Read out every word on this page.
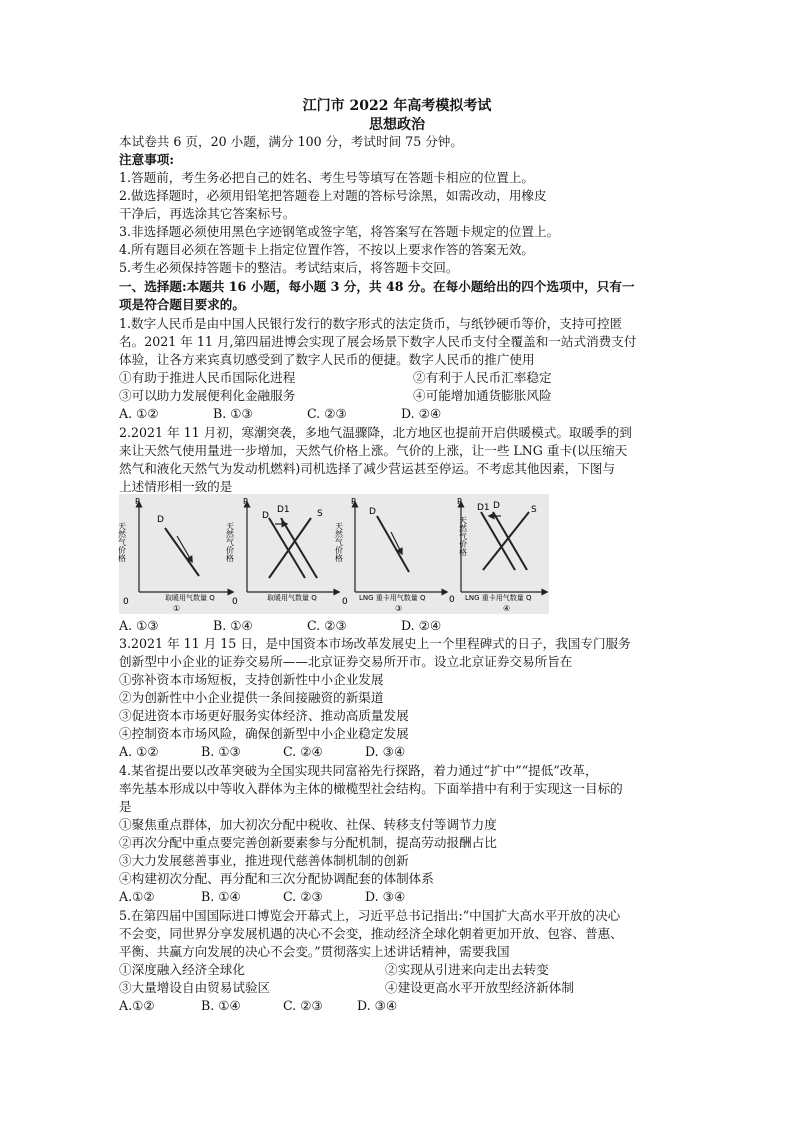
江门市 2022 年高考模拟考试
思想政治
本试卷共 6 页，20 小题，满分 100 分，考试时间 75 分钟。
注意事项:
1.答题前，考生务必把自己的姓名、考生号等填写在答题卡相应的位置上。
2.做选择题时，必须用铅笔把答题卷上对题的答标号涂黑，如需改动，用橡皮
干净后，再选涂其它答案标号。
3.非选择题必须使用黑色字迹钢笔或签字笔，将答案写在答题卡规定的位置上。
4.所有题目必须在答题卡上指定位置作答，不按以上要求作答的答案无效。
5.考生必须保持答题卡的整洁。考试结束后，将答题卡交回。
一、选择题:本题共 16 小题，每小题 3 分，共 48 分。在每小题给出的四个选项中，只有一
项是符合题目要求的。
1.数字人民币是由中国人民银行发行的数字形式的法定货币，与纸钞硬币等价，支持可控匿
名。2021 年 11 月,第四届进博会实现了展会场景下数字人民币支付全覆盖和一站式消费支付
体验，让各方来宾真切感受到了数字人民币的便捷。数字人民币的推广使用
①有助于推进人民币国际化进程	②有利于人民币汇率稳定
③可以助力发展便利化金融服务	④可能增加通货膨胀风险
A. ①②	B. ①③	C. ②③	D. ②④
2.2021 年 11 月初，寒潮突袭，多地气温骤降，北方地区也提前开启供暖模式。取暖季的到
来让天然气使用量进一步增加，天然气价格上涨。气价的上涨，让一些 LNG 重卡(以压缩天
然气和液化天然气为发动机燃料)司机选择了减少营运甚至停运。不考虑其他因素，下图与
上述情形相一致的是
0
P
天然气价格
D
取暖用气数量 Q
①
0
P
天然气价格
D
D1	S
取暖用气数量 Q	0
P
天然气价格
D
LNG 重卡用气数量 Q
③
0
P
天然气价格
D1 D	S
LNG 重卡用气数量 Q
④
A. ①③	B. ①④	C. ②③	D. ②④
3.2021 年 11 月 15 日，是中国资本市场改革发展史上一个里程碑式的日子，我国专门服务
创新型中小企业的证券交易所——北京证券交易所开市。设立北京证券交易所旨在
①弥补资本市场短板，支持创新性中小企业发展
②为创新性中小企业提供一条间接融资的新渠道
③促进资本市场更好服务实体经济、推动高质量发展
④控制资本市场风险，确保创新型中小企业稳定发展
A. ①②	B. ①③	C. ②④	D. ③④
4.某省提出要以改革突破为全国实现共同富裕先行探路，着力通过“扩中”“提低”改革，
率先基本形成以中等收入群体为主体的橄榄型社会结构。下面举措中有利于实现这一目标的
是
①聚焦重点群体，加大初次分配中税收、社保、转移支付等调节力度
②再次分配中重点要完善创新要素参与分配机制，提高劳动报酬占比
③大力发展慈善事业，推进现代慈善体制机制的创新
④构建初次分配、再分配和三次分配协调配套的体制体系
A.①②	B. ①④	C. ②③	D. ③④
5.在第四届中国国际进口博览会开幕式上，习近平总书记指出:“中国扩大高水平开放的决心
不会变，同世界分享发展机遇的决心不会变，推动经济全球化朝着更加开放、包容、普惠、
平衡、共赢方向发展的决心不会变。”贯彻落实上述讲话精神，需要我国
①深度融入经济全球化	②实现从引进来向走出去转变
③大量增设自由贸易试验区	④建设更高水平开放型经济新体制
A.①②	B. ①④	C. ②③	D. ③④
